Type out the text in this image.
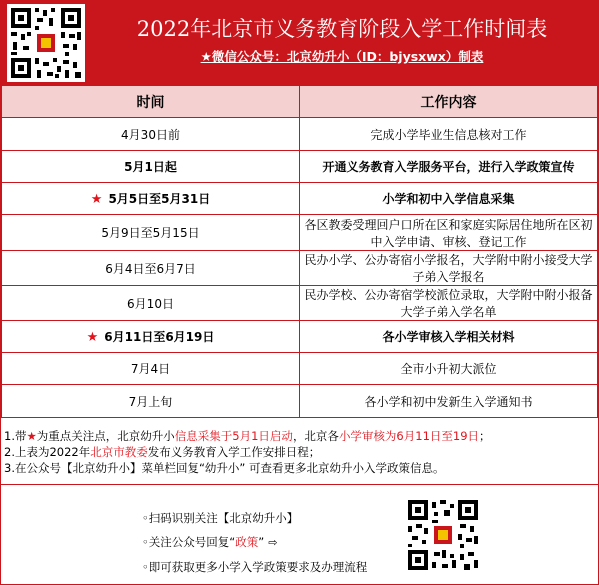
2022年北京市义务教育阶段入学工作时间表
★微信公众号：北京幼升小（ID：bjysxwx）制表
时间	工作内容
4月30日前	完成小学毕业生信息核对工作
5月1日起	开通义务教育入学服务平台，进行入学政策宣传
★ 5月5日至5月31日	小学和初中入学信息采集
5月9日至5月15日	各区教委受理回户口所在区和家庭实际居住地所在区初中入学申请、审核、登记工作
6月4日至6月7日	民办小学、公办寄宿小学报名，大学附中附小接受大学子弟入学报名
6月10日	民办学校、公办寄宿学校派位录取，大学附中附小报备大学子弟入学名单
★ 6月11日至6月19日	各小学审核入学相关材料
7月4日	全市小升初大派位
7月上旬	各小学和初中发新生入学通知书
1.带★为重点关注点，北京幼升小信息采集于5月1日启动，北京各小学审核为6月11日至19日；
2.上表为2022年北京市教委发布义务教育入学工作安排日程；
3.在公众号【北京幼升小】菜单栏回复“幼升小” 可查看更多北京幼升小入学政策信息。
◦扫码识别关注【北京幼升小】
◦关注公众号回复“政策” ⇨
◦即可获取更多小学入学政策要求及办理流程
